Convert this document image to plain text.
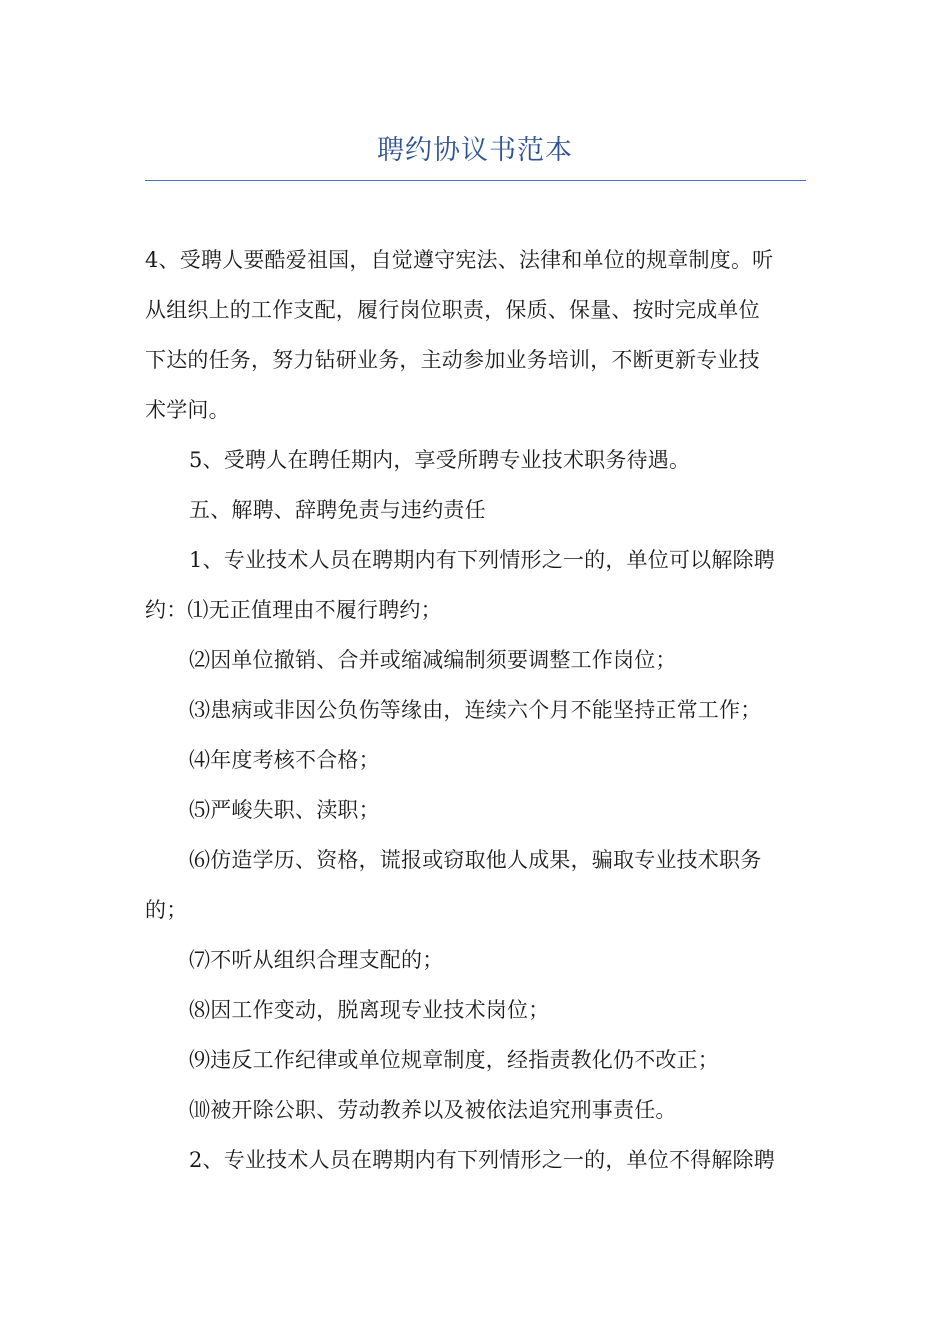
聘约协议书范本

4、受聘人要酷爱祖国，自觉遵守宪法、法律和单位的规章制度。听

从组织上的工作支配，履行岗位职责，保质、保量、按时完成单位

下达的任务，努力钻研业务，主动参加业务培训，不断更新专业技

术学问。

5、受聘人在聘任期内，享受所聘专业技术职务待遇。

五、解聘、辞聘免责与违约责任

1、专业技术人员在聘期内有下列情形之一的，单位可以解除聘

约：⑴无正值理由不履行聘约；

⑵因单位撤销、合并或缩减编制须要调整工作岗位；

⑶患病或非因公负伤等缘由，连续六个月不能坚持正常工作；

⑷年度考核不合格；

⑸严峻失职、渎职；

⑹仿造学历、资格，谎报或窃取他人成果，骗取专业技术职务

的；

⑺不听从组织合理支配的；

⑻因工作变动，脱离现专业技术岗位；

⑼违反工作纪律或单位规章制度，经指责教化仍不改正；

⑽被开除公职、劳动教养以及被依法追究刑事责任。

2、专业技术人员在聘期内有下列情形之一的，单位不得解除聘
